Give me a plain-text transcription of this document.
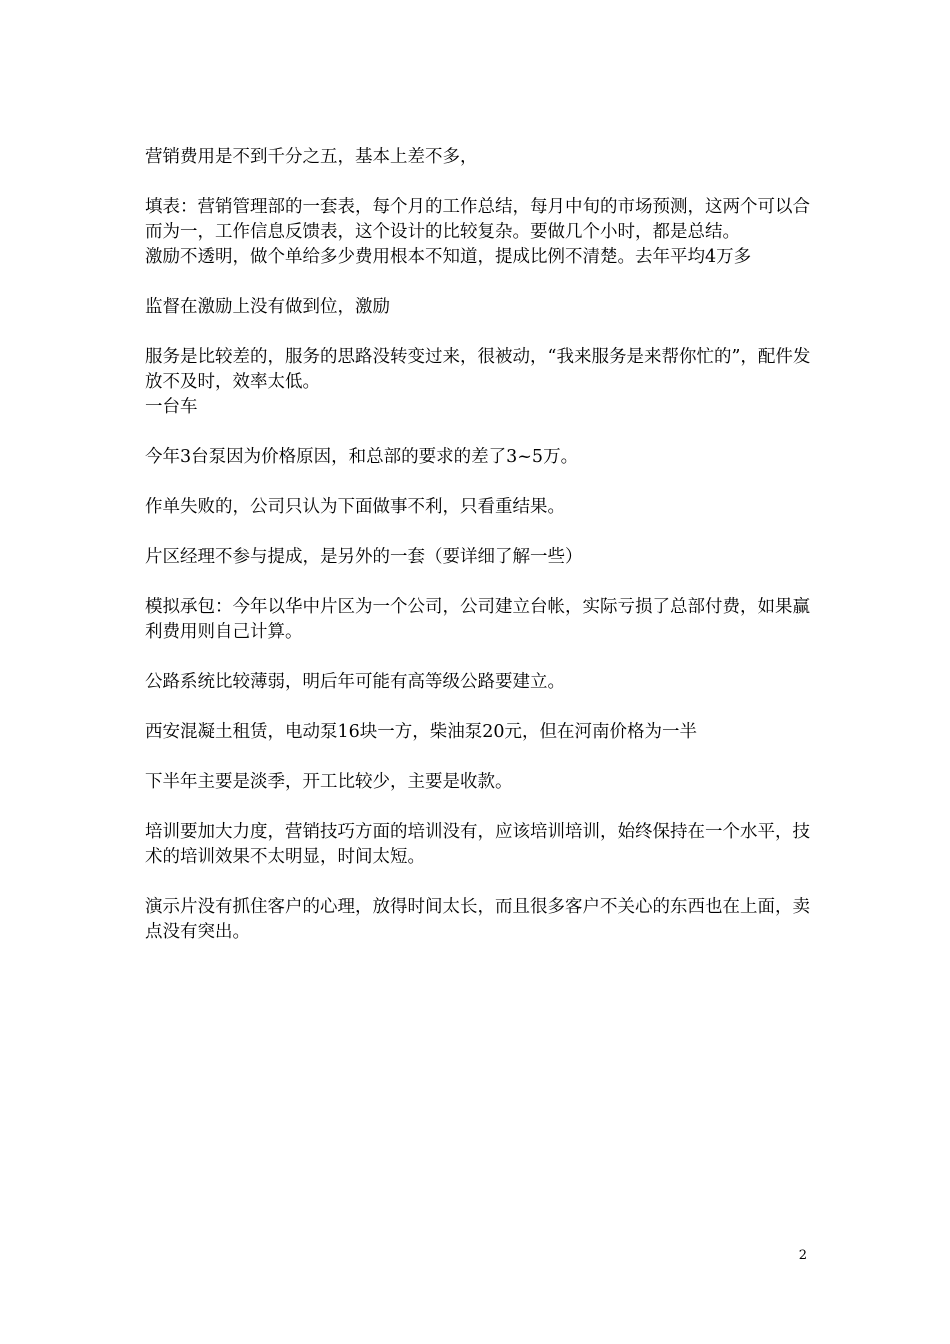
营销费用是不到千分之五，基本上差不多，

填表：营销管理部的一套表，每个月的工作总结，每月中旬的市场预测，这两个可以合而为一，工作信息反馈表，这个设计的比较复杂。要做几个小时，都是总结。

激励不透明，做个单给多少费用根本不知道，提成比例不清楚。去年平均4万多

监督在激励上没有做到位，激励

服务是比较差的，服务的思路没转变过来，很被动，“我来服务是来帮你忙的”，配件发放不及时，效率太低。

一台车

今年3台泵因为价格原因，和总部的要求的差了3~5万。

作单失败的，公司只认为下面做事不利，只看重结果。

片区经理不参与提成，是另外的一套（要详细了解一些）

模拟承包：今年以华中片区为一个公司，公司建立台帐，实际亏损了总部付费，如果赢利费用则自己计算。

公路系统比较薄弱，明后年可能有高等级公路要建立。

西安混凝土租赁，电动泵16块一方，柴油泵20元，但在河南价格为一半

下半年主要是淡季，开工比较少，主要是收款。

培训要加大力度，营销技巧方面的培训没有，应该培训培训，始终保持在一个水平，技术的培训效果不太明显，时间太短。

演示片没有抓住客户的心理，放得时间太长，而且很多客户不关心的东西也在上面，卖点没有突出。

2
